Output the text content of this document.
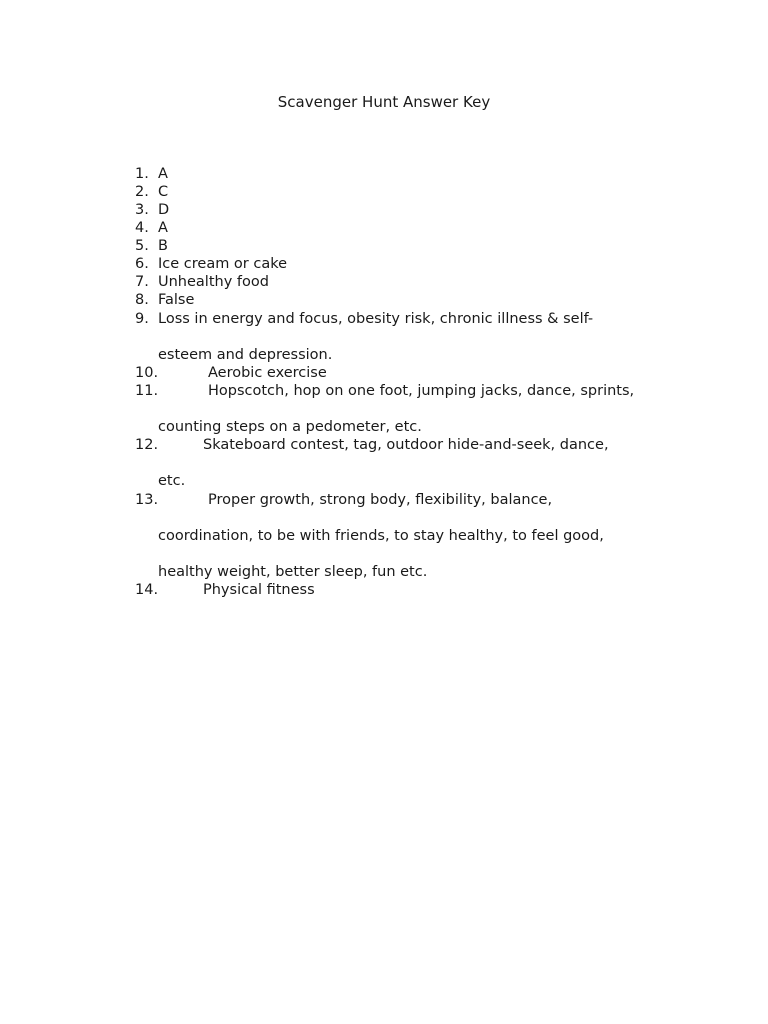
Scavenger Hunt Answer Key
1. A
2. C
3. D
4. A
5. B
6. Ice cream or cake
7. Unhealthy food
8. False
9. Loss in energy and focus, obesity risk, chronic illness & self-
esteem and depression.
10.	Aerobic exercise
11.	Hopscotch, hop on one foot, jumping jacks, dance, sprints,
counting steps on a pedometer, etc.
12.	Skateboard contest, tag, outdoor hide-and-seek, dance,
etc.
13.	Proper growth, strong body, flexibility, balance,
coordination, to be with friends, to stay healthy, to feel good,
healthy weight, better sleep, fun etc.
14.	Physical fitness
